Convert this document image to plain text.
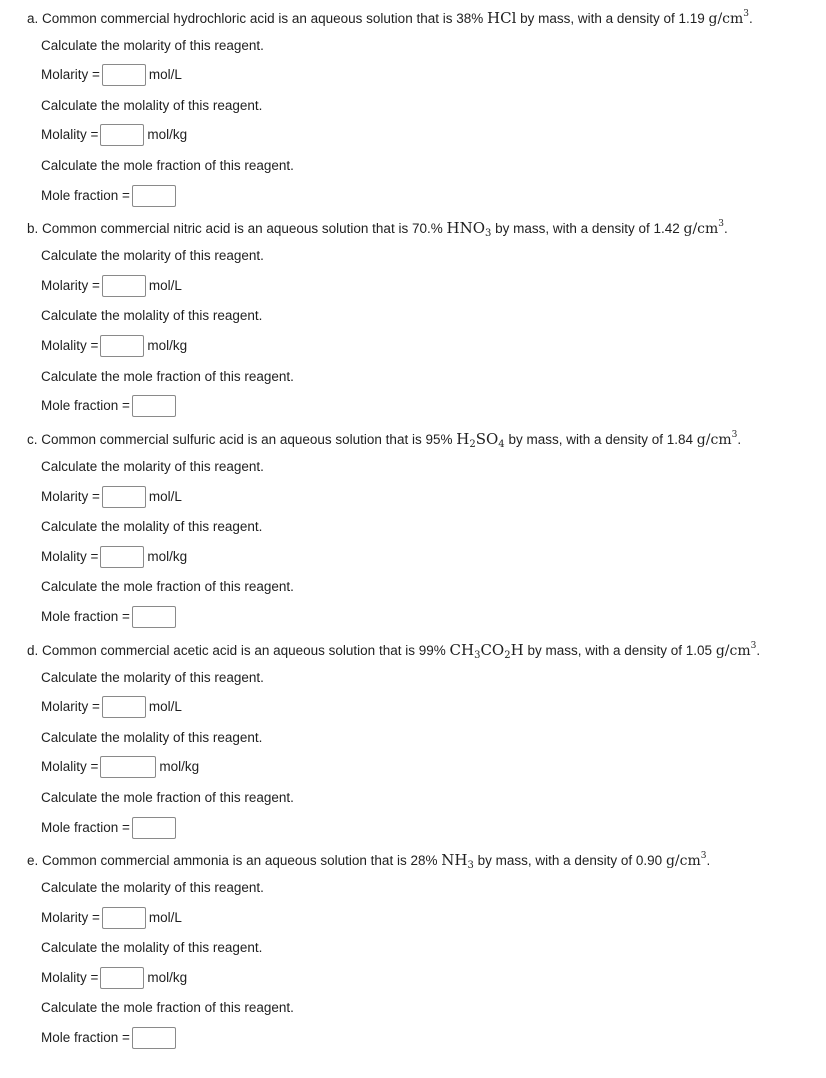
a. Common commercial hydrochloric acid is an aqueous solution that is 38% HCl by mass, with a density of 1.19 $g/cm^3$.
Calculate the molarity of this reagent.
Molarity =	mol/L
Calculate the molality of this reagent.
Molality =	mol/kg
Calculate the mole fraction of this reagent.
Mole fraction =
b. Common commercial nitric acid is an aqueous solution that is 70.% $HNO_3$ by mass, with a density of 1.42 $g/cm^3$.
Calculate the molarity of this reagent.
Molarity =	mol/L
Calculate the molality of this reagent.
Molality =	mol/kg
Calculate the mole fraction of this reagent.
Mole fraction =
c. Common commercial sulfuric acid is an aqueous solution that is 95% $H_2SO_4$ by mass, with a density of 1.84 $g/cm^3$.
Calculate the molarity of this reagent.
Molarity =	mol/L
Calculate the molality of this reagent.
Molality =	mol/kg
Calculate the mole fraction of this reagent.
Mole fraction =
d. Common commercial acetic acid is an aqueous solution that is 99% $CH_3CO_2H$ by mass, with a density of 1.05 $g/cm^3$.
Calculate the molarity of this reagent.
Molarity =	mol/L
Calculate the molality of this reagent.
Molality =	mol/kg
Calculate the mole fraction of this reagent.
Mole fraction =
e. Common commercial ammonia is an aqueous solution that is 28% $NH_3$ by mass, with a density of 0.90 $g/cm^3$.
Calculate the molarity of this reagent.
Molarity =	mol/L
Calculate the molality of this reagent.
Molality =	mol/kg
Calculate the mole fraction of this reagent.
Mole fraction =
